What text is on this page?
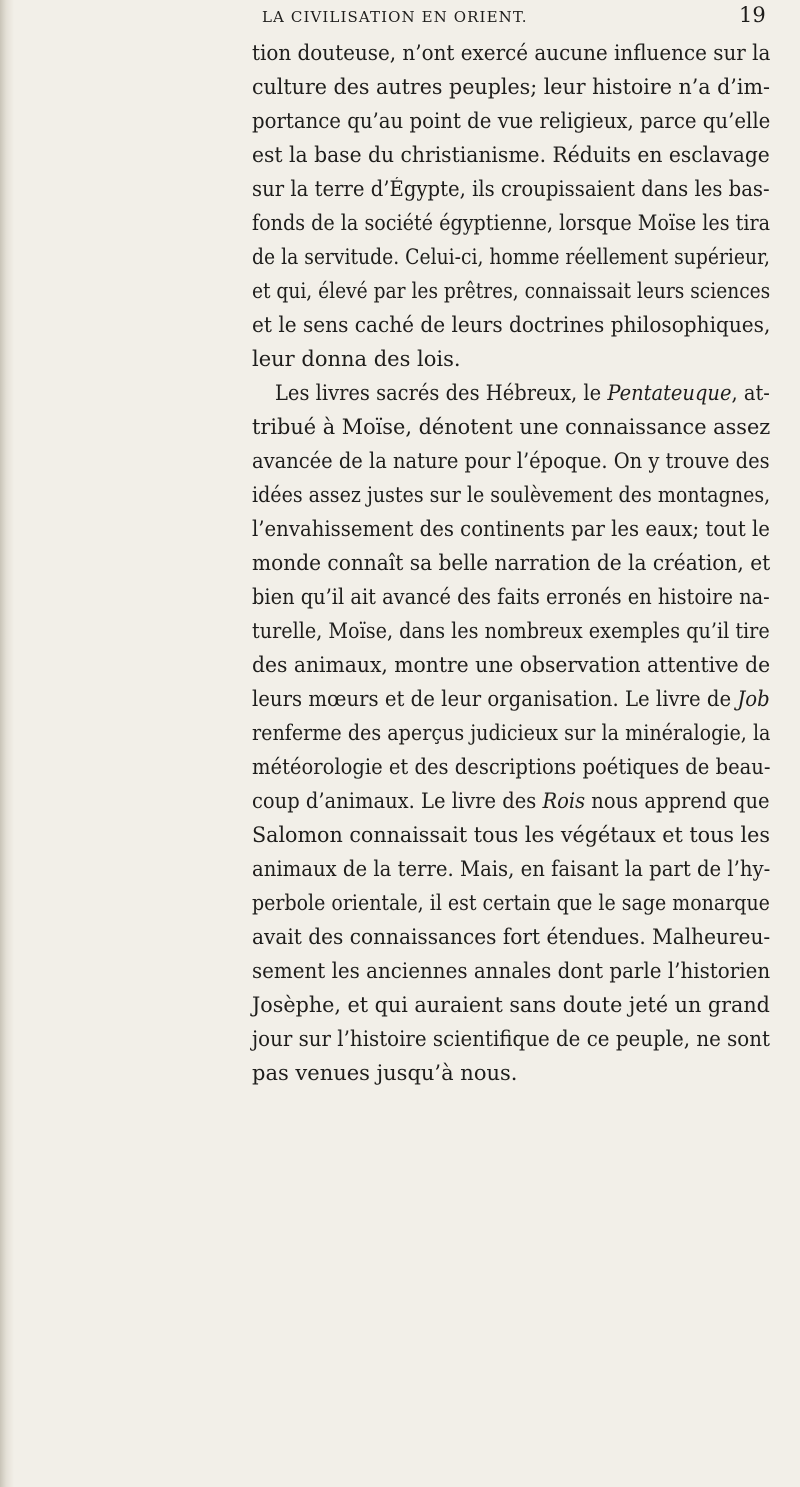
LA CIVILISATION EN ORIENT.	19
tion douteuse, n’ont exercé aucune influence sur la
culture des autres peuples; leur histoire n’a d’im-
portance qu’au point de vue religieux, parce qu’elle
est la base du christianisme. Réduits en esclavage
sur la terre d’Égypte, ils croupissaient dans les bas-
fonds de la société égyptienne, lorsque Moïse les tira
de la servitude. Celui-ci, homme réellement supérieur,
et qui, élevé par les prêtres, connaissait leurs sciences
et le sens caché de leurs doctrines philosophiques,
leur donna des lois.
Les livres sacrés des Hébreux, le Pentateuque, at-
tribué à Moïse, dénotent une connaissance assez
avancée de la nature pour l’époque. On y trouve des
idées assez justes sur le soulèvement des montagnes,
l’envahissement des continents par les eaux; tout le
monde connaît sa belle narration de la création, et
bien qu’il ait avancé des faits erronés en histoire na-
turelle, Moïse, dans les nombreux exemples qu’il tire
des animaux, montre une observation attentive de
leurs mœurs et de leur organisation. Le livre de Job
renferme des aperçus judicieux sur la minéralogie, la
météorologie et des descriptions poétiques de beau-
coup d’animaux. Le livre des Rois nous apprend que
Salomon connaissait tous les végétaux et tous les
animaux de la terre. Mais, en faisant la part de l’hy-
perbole orientale, il est certain que le sage monarque
avait des connaissances fort étendues. Malheureu-
sement les anciennes annales dont parle l’historien
Josèphe, et qui auraient sans doute jeté un grand
jour sur l’histoire scientifique de ce peuple, ne sont
pas venues jusqu’à nous.
